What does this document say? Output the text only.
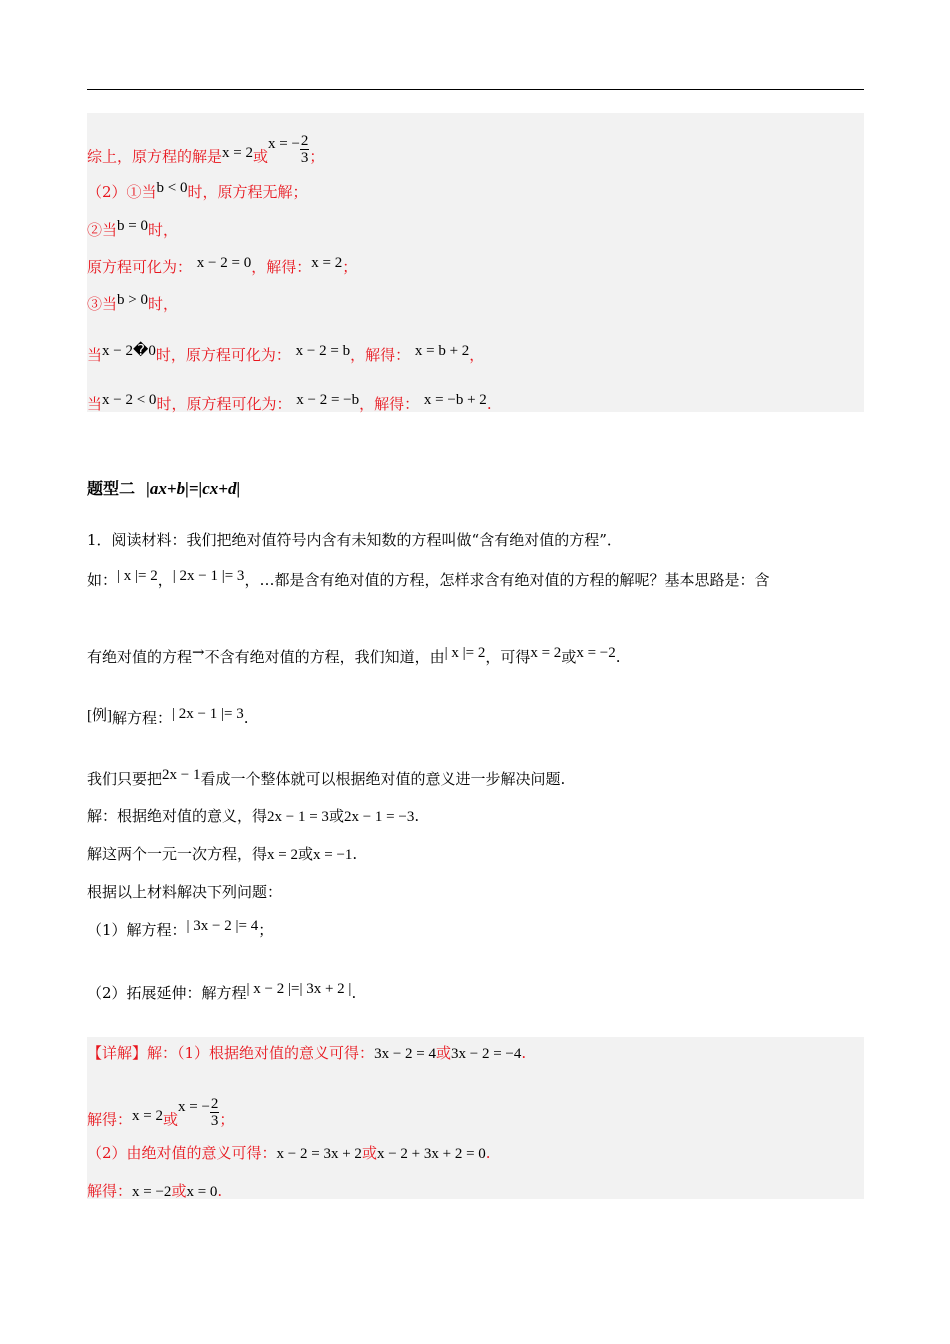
综上，原方程的解是x = 2或x = − $\frac{2}{3}$ ；
（2）①当b < 0时，原方程无解；
②当b = 0时，
原方程可化为： x − 2 = 0，解得：x = 2；
③当b > 0时，
当x − 2�0时，原方程可化为： x − 2 = b，解得： x = b + 2，
当x − 2 < 0时，原方程可化为： x − 2 = −b，解得： x = −b + 2.
题型二 |ax+b|=|cx+d|
1．阅读材料：我们把绝对值符号内含有未知数的方程叫做“含有绝对值的方程”．
如：| x |= 2，| 2x − 1 |= 3，…都是含有绝对值的方程，怎样求含有绝对值的方程的解呢？基本思路是：含
有绝对值的方程→不含有绝对值的方程，我们知道，由| x |= 2，可得x = 2或x = −2.
[例]解方程：| 2x − 1 |= 3.
我们只要把2x − 1看成一个整体就可以根据绝对值的意义进一步解决问题.
解：根据绝对值的意义，得2x − 1 = 3或2x − 1 = −3.
解这两个一元一次方程，得x = 2或x = −1.
根据以上材料解决下列问题：
（1）解方程：| 3x − 2 |= 4；
（2）拓展延伸：解方程| x − 2 |=| 3x + 2 |.
【详解】解：（1）根据绝对值的意义可得：3x − 2 = 4或3x − 2 = −4.
解得：x = 2或x = − $\frac{2}{3}$ ；
（2）由绝对值的意义可得：x − 2 = 3x + 2或x − 2 + 3x + 2 = 0.
解得：x = −2或x = 0.
